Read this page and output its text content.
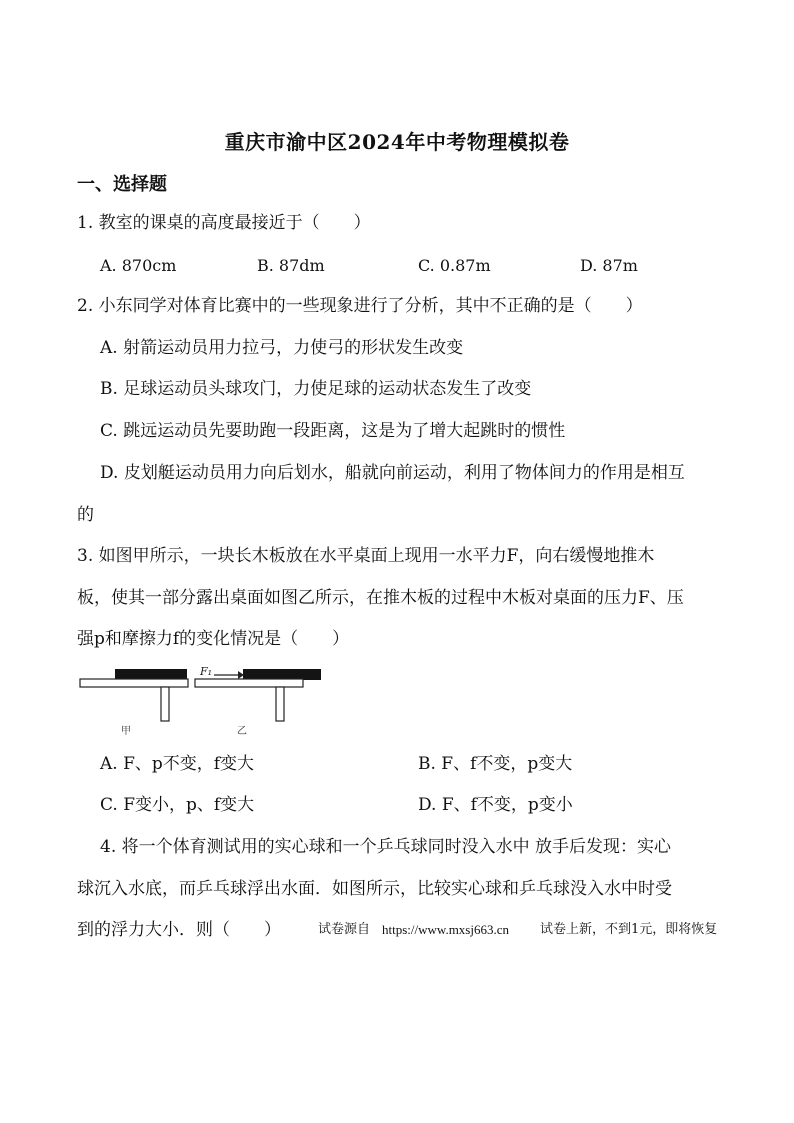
重庆市渝中区2024年中考物理模拟卷
一、选择题
1. 教室的课桌的高度最接近于（　　）
A. 870cm	B. 87dm	C. 0.87m	D. 87m
2. 小东同学对体育比赛中的一些现象进行了分析，其中不正确的是（　　）
A. 射箭运动员用力拉弓，力使弓的形状发生改变
B. 足球运动员头球攻门，力使足球的运动状态发生了改变
C. 跳远运动员先要助跑一段距离，这是为了增大起跳时的惯性
D. 皮划艇运动员用力向后划水，船就向前运动，利用了物体间力的作用是相互
的
3. 如图甲所示，一块长木板放在水平桌面上现用一水平力F，向右缓慢地推木
板，使其一部分露出桌面如图乙所示，在推木板的过程中木板对桌面的压力F、压
强p和摩擦力f的变化情况是（　　）
甲
F₁
乙
A. F、p不变，f变大	B. F、f不变，p变大
C. F变小，p、f变大	D. F、f不变，p变小
4. 将一个体育测试用的实心球和一个乒乓球同时没入水中 放手后发现：实心
球沉入水底，而乒乓球浮出水面．如图所示，比较实心球和乒乓球没入水中时受
到的浮力大小．则（　　）	试卷源自 https://www.mxsj663.cn 试卷上新，不到1元，即将恢复
